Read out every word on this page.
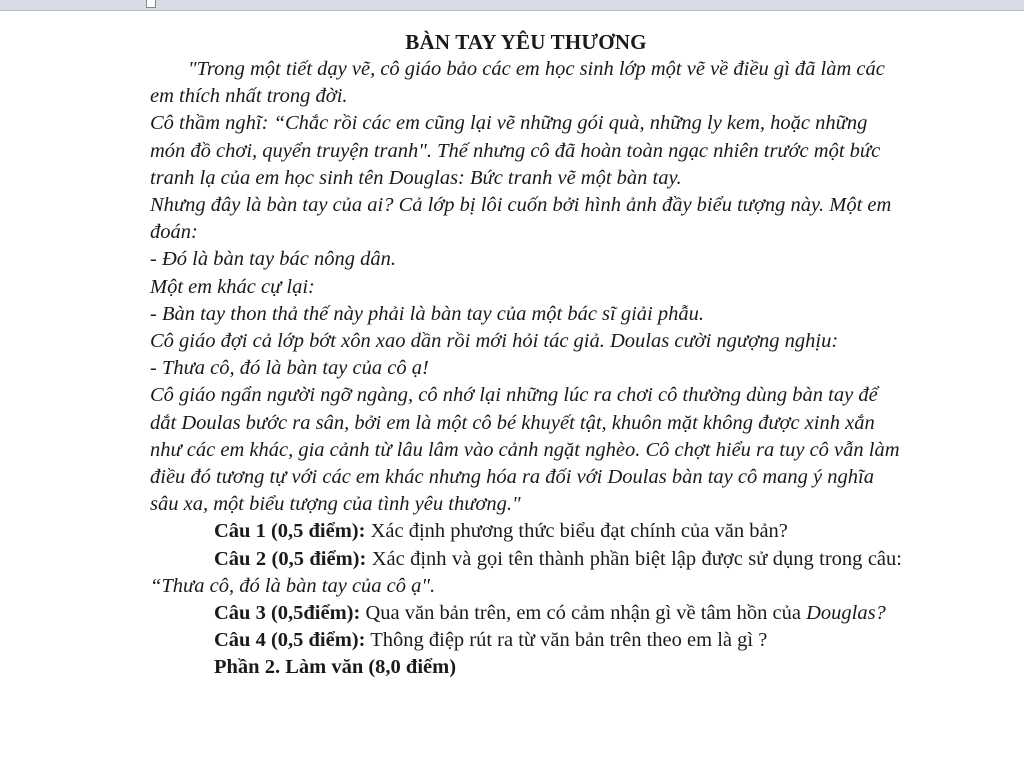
BÀN TAY YÊU THƯƠNG

"Trong một tiết dạy vẽ, cô giáo bảo các em học sinh lớp một vẽ về điều gì đã làm các em thích nhất trong đời.

Cô thầm nghĩ: “Chắc rồi các em cũng lại vẽ những gói quà, những ly kem, hoặc những món đồ chơi, quyển truyện tranh". Thế nhưng cô đã hoàn toàn ngạc nhiên trước một bức tranh lạ của em học sinh tên Douglas: Bức tranh vẽ một bàn tay.

Nhưng đây là bàn tay của ai? Cả lớp bị lôi cuốn bởi hình ảnh đầy biểu tượng này. Một em đoán:

- Đó là bàn tay bác nông dân.

Một em khác cự lại:

- Bàn tay thon thả thế này phải là bàn tay của một bác sĩ giải phẫu.

Cô giáo đợi cả lớp bớt xôn xao dần rồi mới hỏi tác giả. Doulas cười ngượng nghịu:

- Thưa cô, đó là bàn tay của cô ạ!

Cô giáo ngẩn người ngỡ ngàng, cô nhớ lại những lúc ra chơi cô thường dùng bàn tay để dắt Doulas bước ra sân, bởi em là một cô bé khuyết tật, khuôn mặt không được xinh xắn như các em khác, gia cảnh từ lâu lâm vào cảnh ngặt nghèo. Cô chợt hiểu ra tuy cô vẫn làm điều đó tương tự với các em khác nhưng hóa ra đối với Doulas bàn tay cô mang ý nghĩa sâu xa, một biểu tượng của tình yêu thương."

Câu 1 (0,5 điểm): Xác định phương thức biểu đạt chính của văn bản?

Câu 2 (0,5 điểm): Xác định và gọi tên thành phần biệt lập được sử dụng trong câu: “Thưa cô, đó là bàn tay của cô ạ".

Câu 3 (0,5điểm): Qua văn bản trên, em có cảm nhận gì về tâm hồn của Douglas?

Câu 4 (0,5 điểm): Thông điệp rút ra từ văn bản trên theo em là gì ?

Phần 2. Làm văn (8,0 điểm)
